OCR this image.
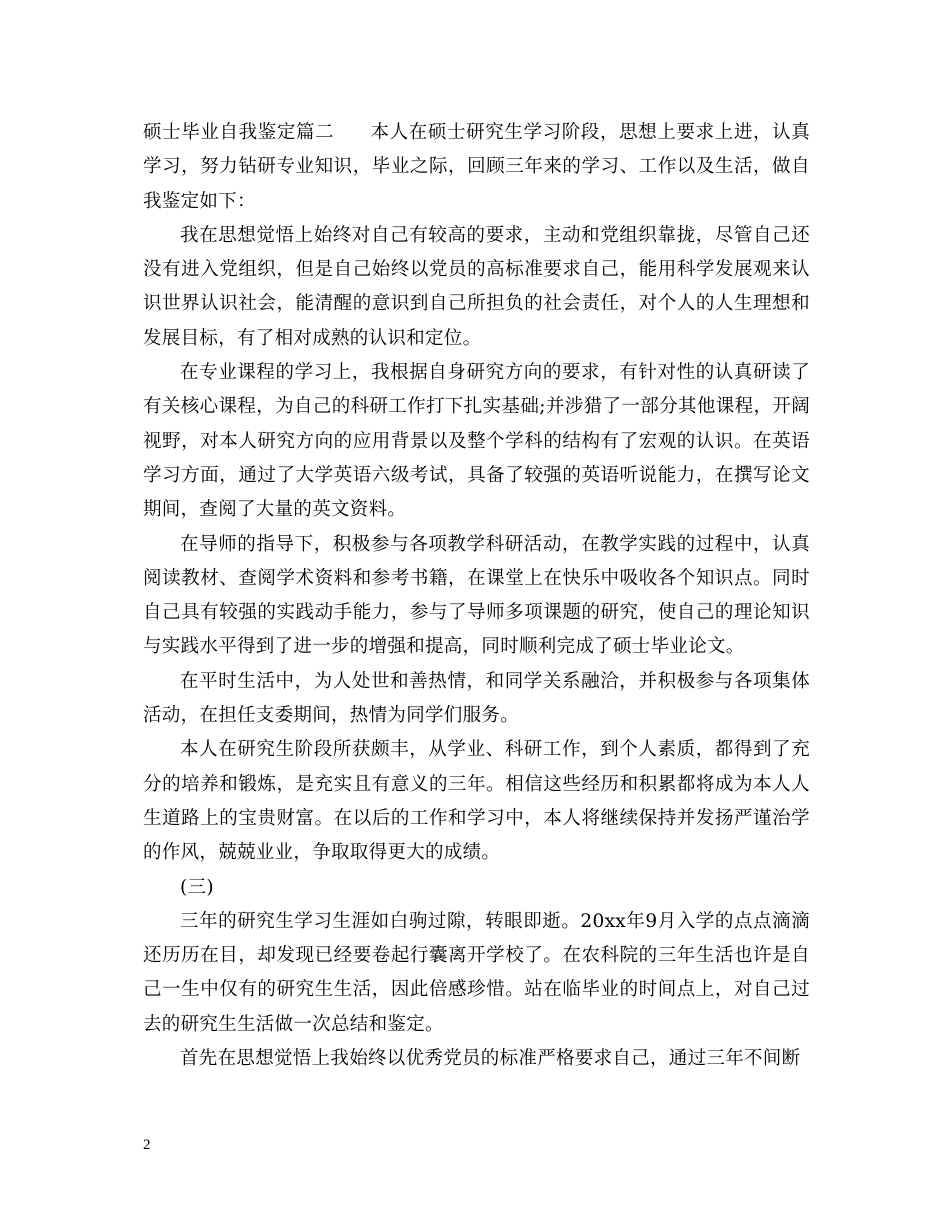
硕士毕业自我鉴定篇二 本人在硕士研究生学习阶段，思想上要求上进，认真学习，努力钻研专业知识，毕业之际，回顾三年来的学习、工作以及生活，做自我鉴定如下：

我在思想觉悟上始终对自己有较高的要求，主动和党组织靠拢，尽管自己还没有进入党组织，但是自己始终以党员的高标准要求自己，能用科学发展观来认识世界认识社会，能清醒的意识到自己所担负的社会责任，对个人的人生理想和发展目标，有了相对成熟的认识和定位。

在专业课程的学习上，我根据自身研究方向的要求，有针对性的认真研读了有关核心课程，为自己的科研工作打下扎实基础;并涉猎了一部分其他课程，开阔视野，对本人研究方向的应用背景以及整个学科的结构有了宏观的认识。在英语学习方面，通过了大学英语六级考试，具备了较强的英语听说能力，在撰写论文期间，查阅了大量的英文资料。

在导师的指导下，积极参与各项教学科研活动，在教学实践的过程中，认真阅读教材、查阅学术资料和参考书籍，在课堂上在快乐中吸收各个知识点。同时自己具有较强的实践动手能力，参与了导师多项课题的研究，使自己的理论知识与实践水平得到了进一步的增强和提高，同时顺利完成了硕士毕业论文。

在平时生活中，为人处世和善热情，和同学关系融洽，并积极参与各项集体活动，在担任支委期间，热情为同学们服务。

本人在研究生阶段所获颇丰，从学业、科研工作，到个人素质，都得到了充分的培养和锻炼，是充实且有意义的三年。相信这些经历和积累都将成为本人人生道路上的宝贵财富。在以后的工作和学习中，本人将继续保持并发扬严谨治学的作风，兢兢业业，争取取得更大的成绩。

(三)

三年的研究生学习生涯如白驹过隙，转眼即逝。20xx年9月入学的点点滴滴还历历在目，却发现已经要卷起行囊离开学校了。在农科院的三年生活也许是自己一生中仅有的研究生生活，因此倍感珍惜。站在临毕业的时间点上，对自己过去的研究生生活做一次总结和鉴定。

首先在思想觉悟上我始终以优秀党员的标准严格要求自己，通过三年不间断

2
